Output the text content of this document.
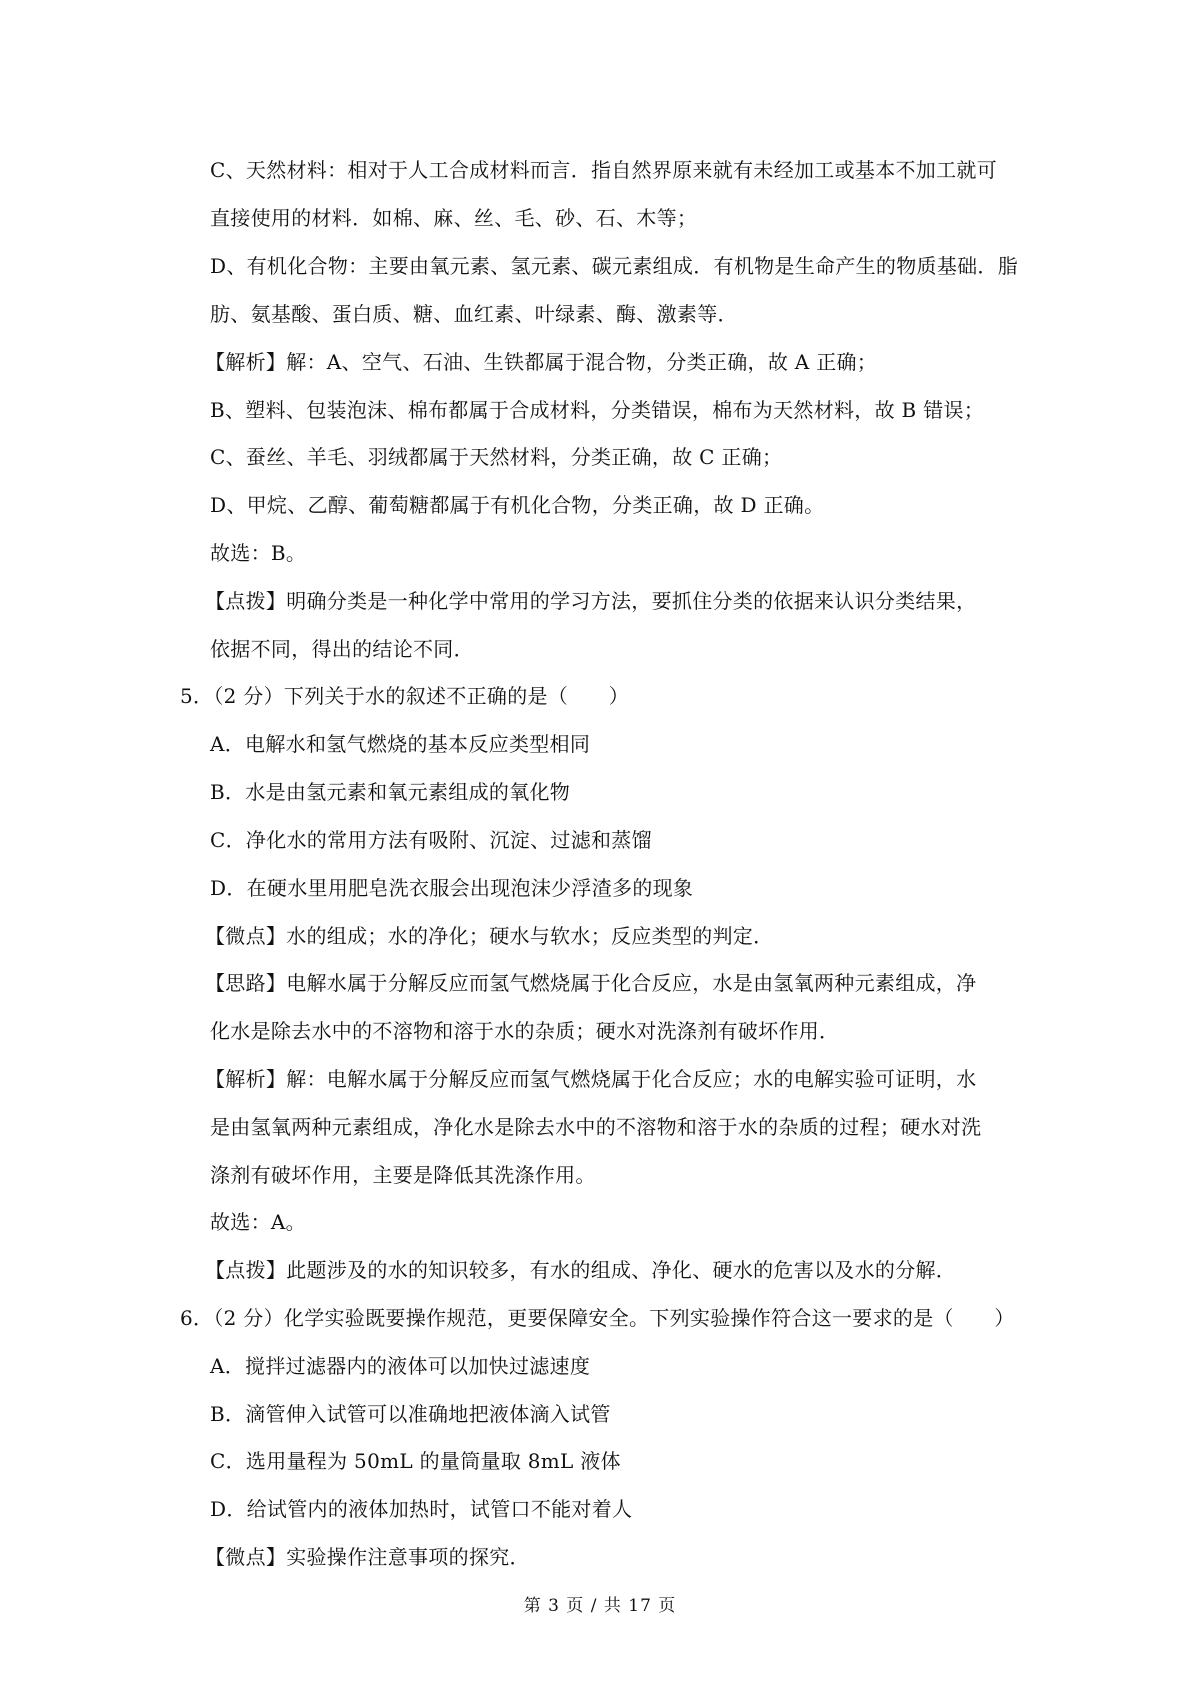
C、天然材料：相对于人工合成材料而言．指自然界原来就有未经加工或基本不加工就可
直接使用的材料．如棉、麻、丝、毛、砂、石、木等；
D、有机化合物：主要由氧元素、氢元素、碳元素组成．有机物是生命产生的物质基础．脂
肪、氨基酸、蛋白质、糖、血红素、叶绿素、酶、激素等．
【解析】解：A、空气、石油、生铁都属于混合物，分类正确，故 A 正确；
B、塑料、包装泡沫、棉布都属于合成材料，分类错误，棉布为天然材料，故 B 错误；
C、蚕丝、羊毛、羽绒都属于天然材料，分类正确，故 C 正确；
D、甲烷、乙醇、葡萄糖都属于有机化合物，分类正确，故 D 正确。
故选：B。
【点拨】明确分类是一种化学中常用的学习方法，要抓住分类的依据来认识分类结果，
依据不同，得出的结论不同．
5．（2 分）下列关于水的叙述不正确的是（　　）
A．电解水和氢气燃烧的基本反应类型相同
B．水是由氢元素和氧元素组成的氧化物
C．净化水的常用方法有吸附、沉淀、过滤和蒸馏
D．在硬水里用肥皂洗衣服会出现泡沫少浮渣多的现象
【微点】水的组成；水的净化；硬水与软水；反应类型的判定．
【思路】电解水属于分解反应而氢气燃烧属于化合反应，水是由氢氧两种元素组成，净
化水是除去水中的不溶物和溶于水的杂质；硬水对洗涤剂有破坏作用．
【解析】解：电解水属于分解反应而氢气燃烧属于化合反应；水的电解实验可证明，水
是由氢氧两种元素组成，净化水是除去水中的不溶物和溶于水的杂质的过程；硬水对洗
涤剂有破坏作用，主要是降低其洗涤作用。
故选：A。
【点拨】此题涉及的水的知识较多，有水的组成、净化、硬水的危害以及水的分解．
6．（2 分）化学实验既要操作规范，更要保障安全。下列实验操作符合这一要求的是（　　）
A．搅拌过滤器内的液体可以加快过滤速度
B．滴管伸入试管可以准确地把液体滴入试管
C．选用量程为 50mL 的量筒量取 8mL 液体
D．给试管内的液体加热时，试管口不能对着人
【微点】实验操作注意事项的探究．
第 3 页 / 共 17 页
